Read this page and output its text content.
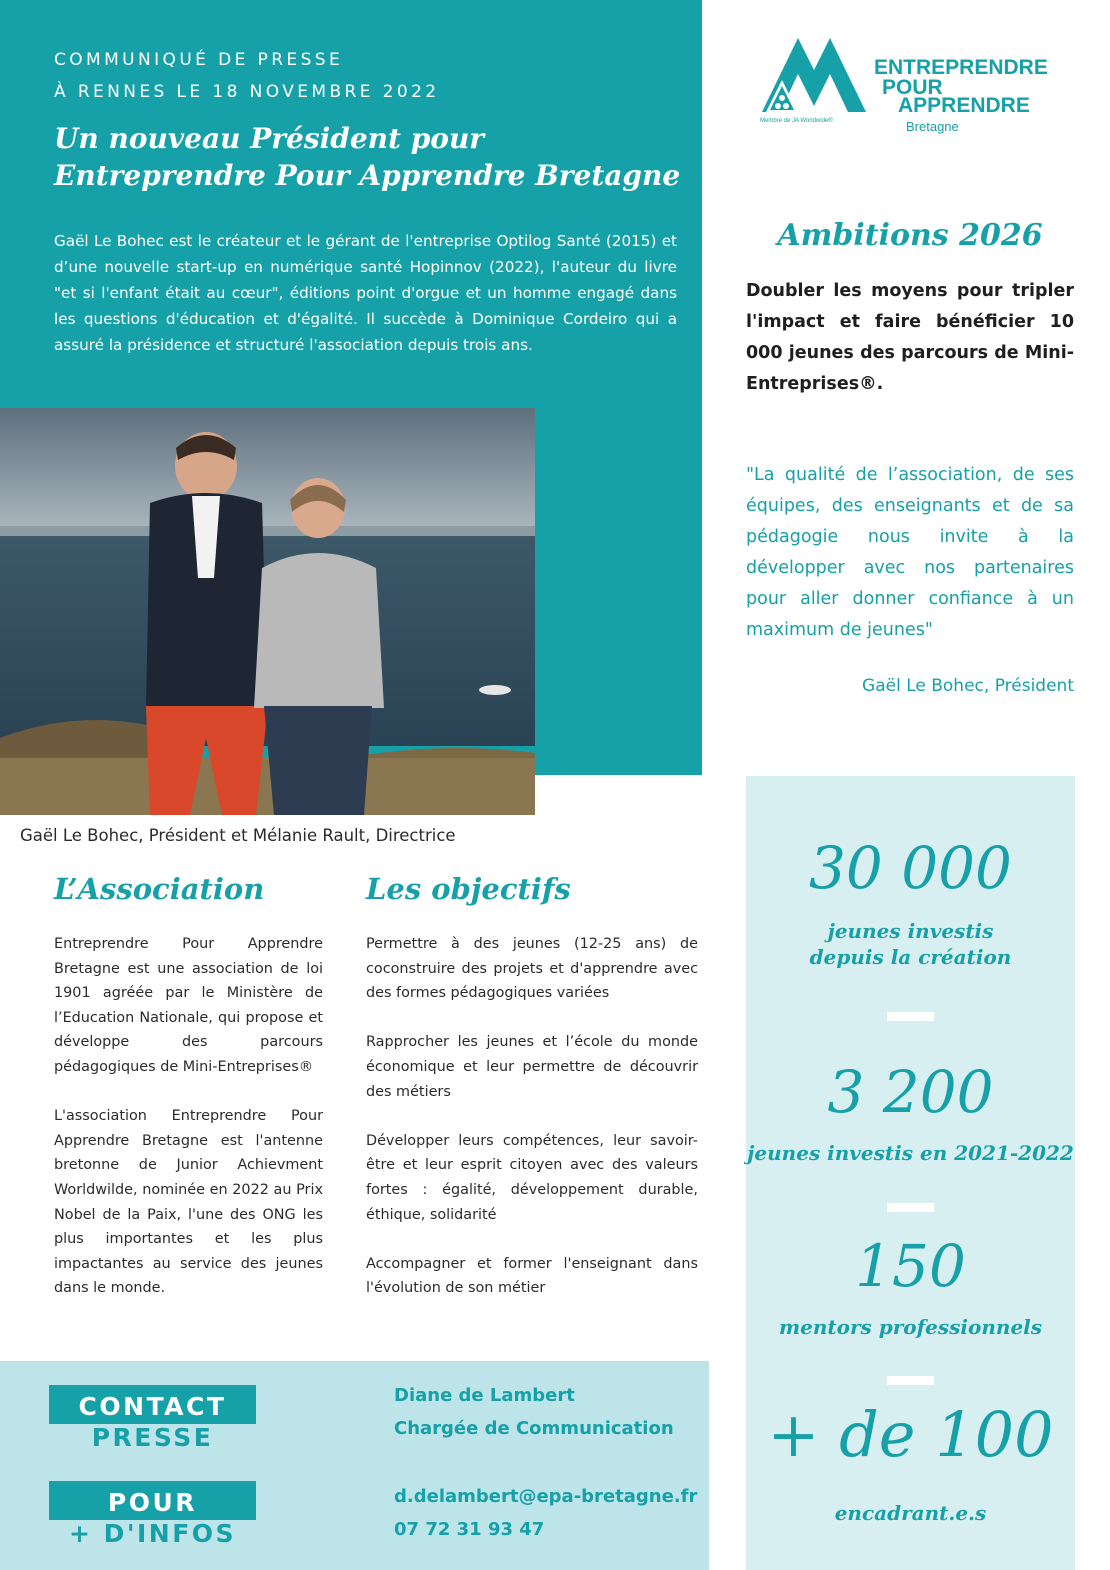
COMMUNIQUÉ DE PRESSE
À RENNES LE 18 NOVEMBRE 2022
Un nouveau Président pour
Entreprendre Pour Apprendre Bretagne

Gaël Le Bohec est le créateur et le gérant de l'entreprise Optilog Santé (2015) et d’une nouvelle start-up en numérique santé Hopinnov (2022), l'auteur du livre "et si l'enfant était au cœur", éditions point d'orgue et un homme engagé dans les questions d'éducation et d'égalité. Il succède à Dominique Cordeiro qui a assuré la présidence et structuré l'association depuis trois ans.

Gaël Le Bohec, Président et Mélanie Rault, Directrice
Membre de JA Worldwide®
ENTREPRENDRE
POUR
APPRENDRE
Bretagne
Ambitions 2026

Doubler les moyens pour tripler l'impact et faire bénéficier 10 000 jeunes des parcours de Mini-Entreprises®.

"La qualité de l’association, de ses équipes, des enseignants et de sa pédagogie nous invite à la développer avec nos partenaires pour aller donner confiance à un maximum de jeunes"

Gaël Le Bohec, Président
30 000
jeunes investis
depuis la création
3 200
jeunes investis en 2021-2022
150
mentors professionnels
+ de 100
encadrant.e.s
L’Association

Entreprendre Pour Apprendre Bretagne est une association de loi 1901 agréée par le Ministère de l’Education Nationale, qui propose et développe des parcours pédagogiques de Mini-Entreprises®

L'association Entreprendre Pour Apprendre Bretagne est l'antenne bretonne de Junior Achievment Worldwilde, nominée en 2022 au Prix Nobel de la Paix, l'une des ONG les plus importantes et les plus impactantes au service des jeunes dans le monde.

Les objectifs

Permettre à des jeunes (12-25 ans) de coconstruire des projets et d'apprendre avec des formes pédagogiques variées

Rapprocher les jeunes et l’école du monde économique et leur permettre de découvrir des métiers

Développer leurs compétences, leur savoir-être et leur esprit citoyen avec des valeurs fortes : égalité, développement durable, éthique, solidarité

Accompagner et former l'enseignant dans l'évolution de son métier

CONTACT
PRESSE
POUR
+ D'INFOS
Diane de Lambert
Chargée de Communication
d.delambert@epa-bretagne.fr
07 72 31 93 47
